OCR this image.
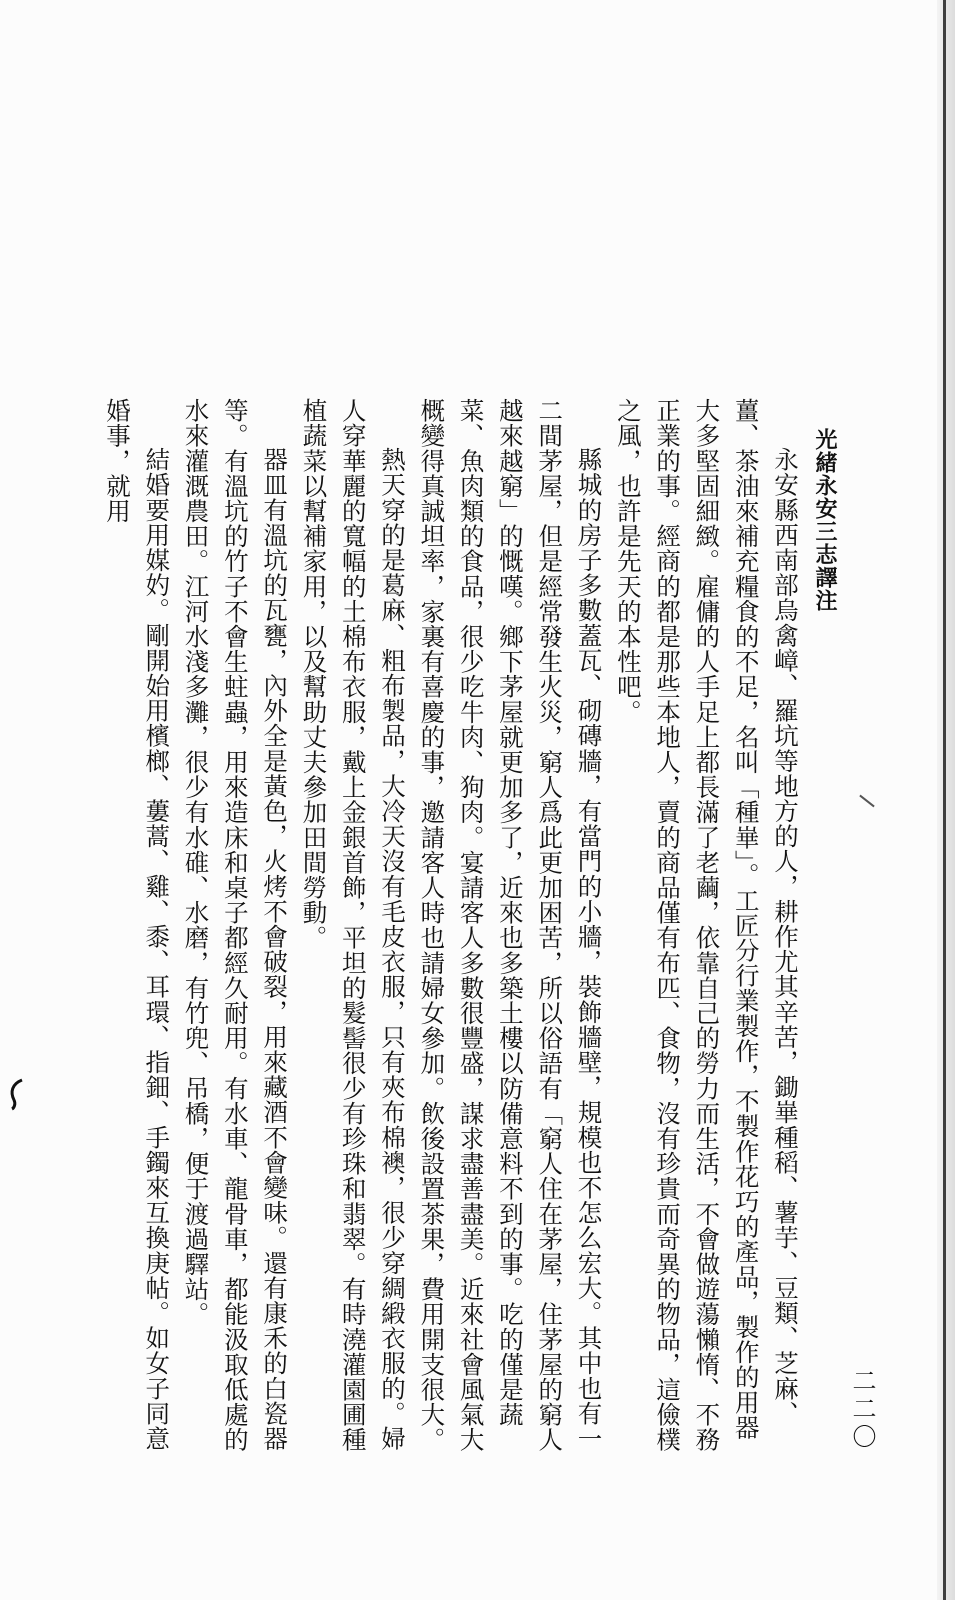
光緒永安三志譯注
二二〇

永安縣西南部烏禽嶂、羅坑等地方的人，耕作尤其辛苦，鋤崋種稻、薯芋、豆類、芝麻、薑、茶油來補充糧食的不足，名叫「種崋」。工匠分行業製作，不製作花巧的產品，製作的用器大多堅固細緻。雇傭的人手足上都長滿了老繭，依靠自己的勞力而生活，不會做遊蕩懶惰、不務正業的事。經商的都是那些本地人，賣的商品僅有布匹、食物，沒有珍貴而奇異的物品，這儉樸之風，也許是先天的本性吧。

縣城的房子多數蓋瓦、砌磚牆，有當門的小牆，裝飾牆壁，規模也不怎么宏大。其中也有一二間茅屋，但是經常發生火災，窮人爲此更加困苦，所以俗語有「窮人住在茅屋，住茅屋的窮人越來越窮」的慨嘆。鄉下茅屋就更加多了，近來也多築土樓以防備意料不到的事。吃的僅是蔬菜、魚肉類的食品，很少吃牛肉、狗肉。宴請客人多數很豐盛，謀求盡善盡美。近來社會風氣大概變得真誠坦率，家裏有喜慶的事，邀請客人時也請婦女參加。飲後設置茶果，費用開支很大。

熱天穿的是葛麻、粗布製品，大冷天沒有毛皮衣服，只有夾布棉襖，很少穿綢緞衣服的。婦人穿華麗的寬幅的土棉布衣服，戴上金銀首飾，平坦的髮髻很少有珍珠和翡翠。有時澆灌園圃種植蔬菜以幫補家用，以及幫助丈夫參加田間勞動。

器皿有溫坑的瓦甕，內外全是黃色，火烤不會破裂，用來藏酒不會變味。還有康禾的白瓷器等。有溫坑的竹子不會生蛀蟲，用來造床和桌子都經久耐用。有水車、龍骨車，都能汲取低處的水來灌溉農田。江河水淺多灘，很少有水碓、水磨，有竹兜、吊橋，便于渡過驛站。

結婚要用媒妁。剛開始用檳榔、蔞蒿、雞、黍、耳環、指鈿、手鐲來互換庚帖。如女子同意婚事，就用
